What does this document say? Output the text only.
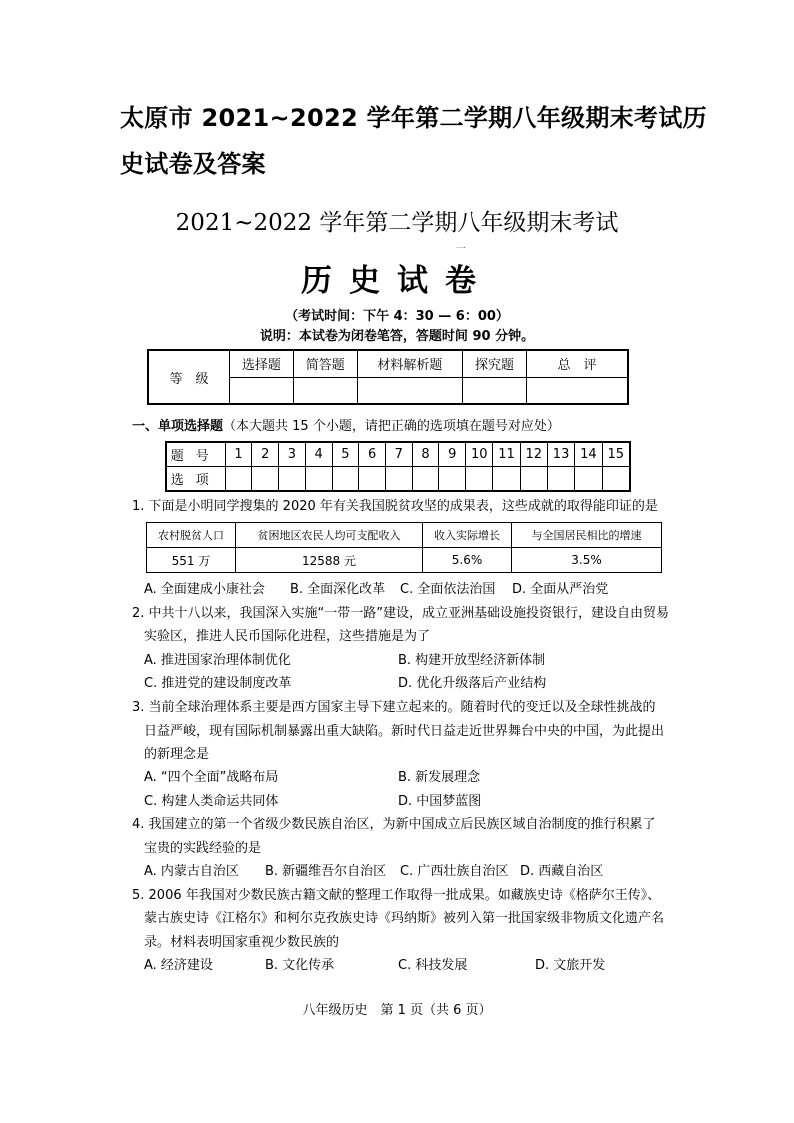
太原市 2021~2022 学年第二学期八年级期末考试历史试卷及答案
2021~2022 学年第二学期八年级期末考试
一
历史试卷
（考试时间：下午 4：30 — 6：00）
说明：本试卷为闭卷笔答，答题时间 90 分钟。
等　级	选择题	简答题	材料解析题	探究题	总　评

一、单项选择题（本大题共 15 个小题，请把正确的选项填在题号对应处）
题号	1	2	3	4	5	6	7	8	9	10	11	12	13	14	15
选项															
1. 下面是小明同学搜集的 2020 年有关我国脱贫攻坚的成果表，这些成就的取得能印证的是
农村脱贫人口	贫困地区农民人均可支配收入	收入实际增长	与全国居民相比的增速
551 万	12588 元	5.6%	3.5%
A. 全面建成小康社会 B. 全面深化改革 C. 全面依法治国 D. 全面从严治党
2. 中共十八以来，我国深入实施“一带一路”建设，成立亚洲基础设施投资银行，建设自由贸易
实验区，推进人民币国际化进程，这些措施是为了
A. 推进国家治理体制优化	B. 构建开放型经济新体制
C. 推进党的建设制度改革	D. 优化升级落后产业结构
3. 当前全球治理体系主要是西方国家主导下建立起来的。随着时代的变迁以及全球性挑战的
日益严峻，现有国际机制暴露出重大缺陷。新时代日益走近世界舞台中央的中国，为此提出
的新理念是
A. “四个全面”战略布局	B. 新发展理念
C. 构建人类命运共同体	D. 中国梦蓝图
4. 我国建立的第一个省级少数民族自治区，为新中国成立后民族区域自治制度的推行积累了
宝贵的实践经验的是
A. 内蒙古自治区 B. 新疆维吾尔自治区 C. 广西壮族自治区 D. 西藏自治区
5. 2006 年我国对少数民族古籍文献的整理工作取得一批成果。如藏族史诗《格萨尔王传》、
蒙古族史诗《江格尔》和柯尔克孜族史诗《玛纳斯》被列入第一批国家级非物质文化遗产名
录。材料表明国家重视少数民族的
A. 经济建设	B. 文化传承	C. 科技发展	D. 文旅开发
八年级历史　第 1 页（共 6 页）
